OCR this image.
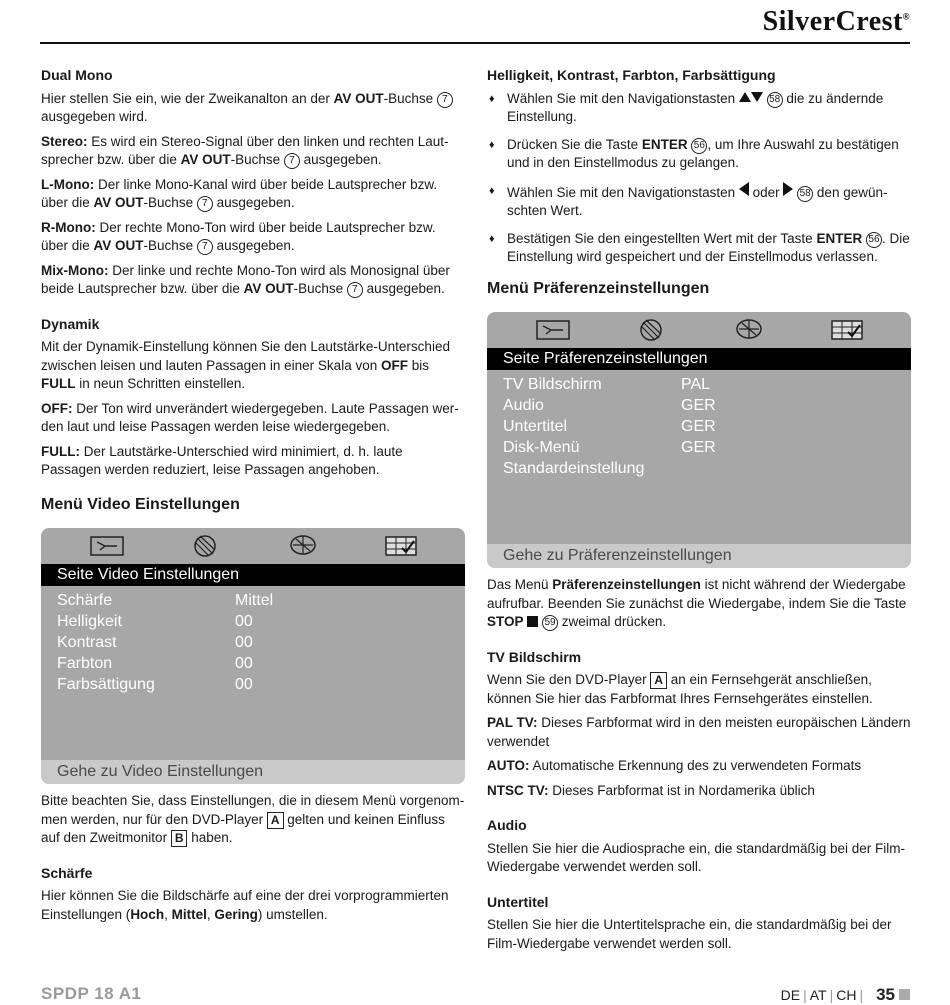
SilverCrest®
Dual Mono

Hier stellen Sie ein, wie der Zweikanalton an der AV OUT-Buchse 7 ausgegeben wird.

Stereo: Es wird ein Stereo-Signal über den linken und rechten Laut-sprecher bzw. über die AV OUT-Buchse 7 ausgegeben.

L-Mono: Der linke Mono-Kanal wird über beide Lautsprecher bzw. über die AV OUT-Buchse 7 ausgegeben.

R-Mono: Der rechte Mono-Ton wird über beide Lautsprecher bzw. über die AV OUT-Buchse 7 ausgegeben.

Mix-Mono: Der linke und rechte Mono-Ton wird als Monosignal über beide Lautsprecher bzw. über die AV OUT-Buchse 7 ausgegeben.

Dynamik

Mit der Dynamik-Einstellung können Sie den Lautstärke-Unterschied zwischen leisen und lauten Passagen in einer Skala von OFF bis FULL in neun Schritten einstellen.

OFF: Der Ton wird unverändert wiedergegeben. Laute Passagen wer-den laut und leise Passagen werden leise wiedergegeben.

FULL: Der Lautstärke-Unterschied wird minimiert, d. h. laute Passagen werden reduziert, leise Passagen angehoben.

Menü Video Einstellungen
Seite Video Einstellungen
Schärfe	Mittel
Helligkeit	00
Kontrast	00
Farbton	00
Farbsättigung	00
Gehe zu Video Einstellungen

Bitte beachten Sie, dass Einstellungen, die in diesem Menü vorgenom-men werden, nur für den DVD-Player A gelten und keinen Einfluss auf den Zweitmonitor B haben.

Schärfe

Hier können Sie die Bildschärfe auf eine der drei vorprogrammierten Einstellungen (Hoch, Mittel, Gering) umstellen.

Helligkeit, Kontrast, Farbton, Farbsättigung
♦ Wählen Sie mit den Navigationstasten	58 die zu ändernde Einstellung.
♦ Drücken Sie die Taste ENTER 56 , um Ihre Auswahl zu bestätigen und in den Einstellmodus zu gelangen.
♦ Wählen Sie mit den Navigationstasten  oder  58 den gewün-schten Wert.
♦ Bestätigen Sie den eingestellten Wert mit der Taste ENTER 56 . Die Einstellung wird gespeichert und der Einstellmodus verlassen.
Menü Präferenzeinstellungen
Seite Präferenzeinstellungen
TV Bildschirm	PAL
Audio	GER
Untertitel	GER
Disk-Menü	GER
Standardeinstellung
Gehe zu Präferenzeinstellungen

Das Menü Präferenzeinstellungen ist nicht während der Wiedergabe aufrufbar. Beenden Sie zunächst die Wiedergabe, indem Sie die Taste STOP 59 zweimal drücken.

TV Bildschirm

Wenn Sie den DVD-Player A an ein Fernsehgerät anschließen, können Sie hier das Farbformat Ihres Fernsehgerätes einstellen.

PAL TV: Dieses Farbformat wird in den meisten europäischen Ländern verwendet

AUTO: Automatische Erkennung des zu verwendeten Formats

NTSC TV: Dieses Farbformat ist in Nordamerika üblich

Audio

Stellen Sie hier die Audiosprache ein, die standardmäßig bei der Film-Wiedergabe verwendet werden soll.

Untertitel

Stellen Sie hier die Untertitelsprache ein, die standardmäßig bei der Film-Wiedergabe verwendet werden soll.

SPDP 18 A1	DE | AT | CH | 35
